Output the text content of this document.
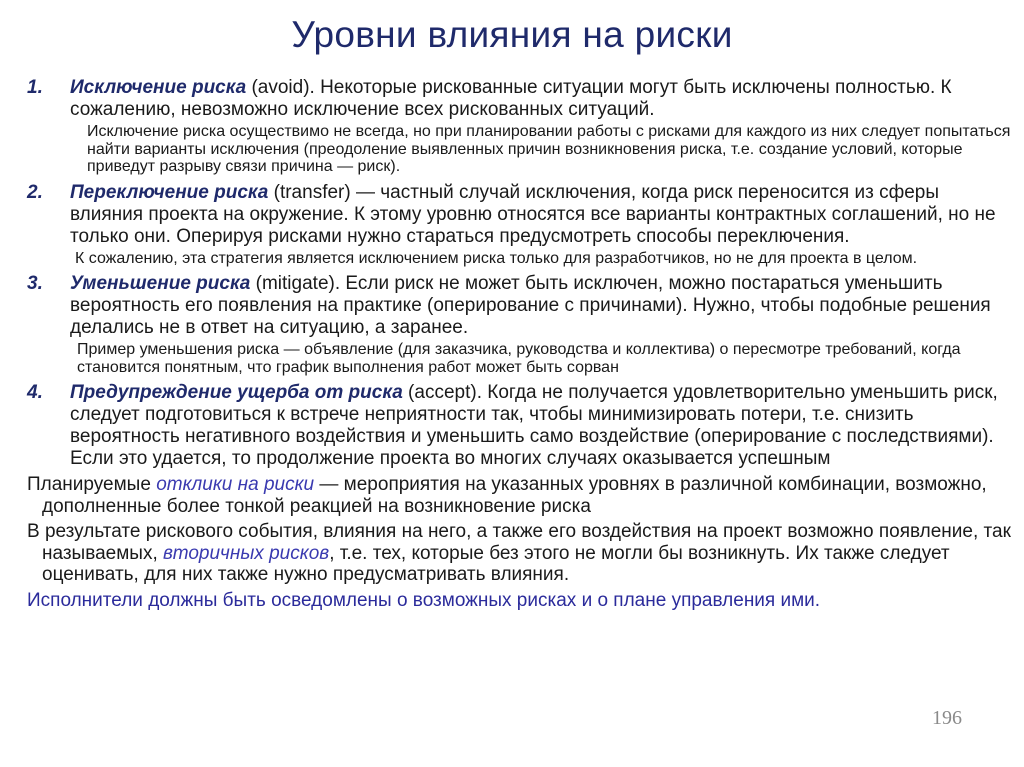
Уровни влияния на риски
1. Исключение риска (avoid). Некоторые рискованные ситуации могут быть исключены полностью. К сожалению, невозможно исключение всех рискованных ситуаций.
Исключение риска осуществимо не всегда, но при планировании работы с рисками для каждого из них следует попытаться найти варианты исключения (преодоление выявленных причин возникновения риска, т.е. создание условий, которые приведут разрыву связи причина — риск).
2. Переключение риска (transfer) — частный случай исключения, когда риск переносится из сферы влияния проекта на окружение. К этому уровню относятся все варианты контрактных соглашений, но не только они. Оперируя рисками нужно стараться предусмотреть способы переключения.
К сожалению, эта стратегия является исключением риска только для разработчиков, но не для проекта в целом.
3. Уменьшение риска (mitigate). Если риск не может быть исключен, можно постараться уменьшить вероятность его появления на практике (оперирование с причинами). Нужно, чтобы подобные решения делались не в ответ на ситуацию, а заранее.
Пример уменьшения риска — объявление (для заказчика, руководства и коллектива) о пересмотре требований, когда становится понятным, что график выполнения работ может быть сорван
4. Предупреждение ущерба от риска (accept). Когда не получается удовлетворительно уменьшить риск, следует подготовиться к встрече неприятности так, чтобы минимизировать потери, т.е. снизить вероятность негативного воздействия и уменьшить само воздействие (оперирование с последствиями). Если это удается, то продолжение проекта во многих случаях оказывается успешным
Планируемые отклики на риски — мероприятия на указанных уровнях в различной комбинации, возможно, дополненные более тонкой реакцией на возникновение риска
В результате рискового события, влияния на него, а также его воздействия на проект возможно появление, так называемых, вторичных рисков, т.е. тех, которые без этого не могли бы возникнуть. Их также следует оценивать, для них также нужно предусматривать влияния.
Исполнители должны быть осведомлены о возможных рисках и о плане управления ими.
196
